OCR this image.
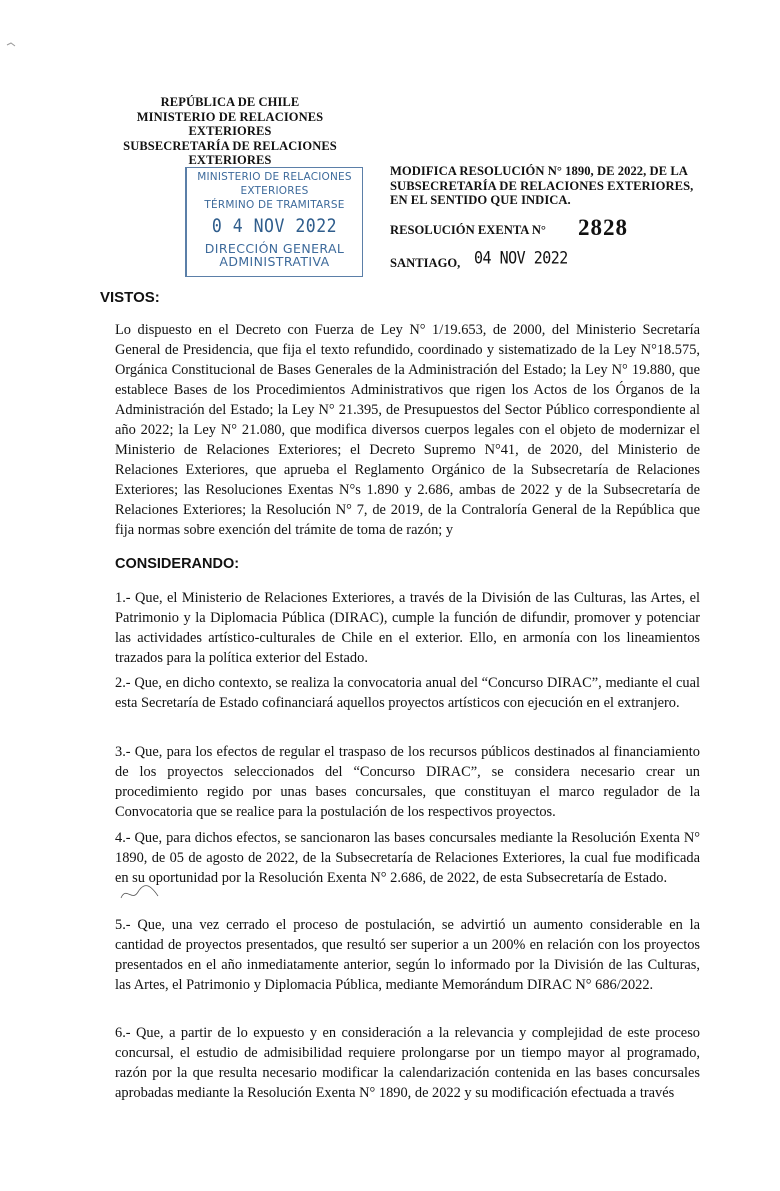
REPÚBLICA DE CHILE
MINISTERIO DE RELACIONES EXTERIORES
SUBSECRETARÍA DE RELACIONES EXTERIORES
MINISTERIO DE RELACIONES
EXTERIORES
TÉRMINO DE TRAMITARSE
0 4 NOV 2022
DIRECCIÓN GENERAL
ADMINISTRATIVA
MODIFICA RESOLUCIÓN N° 1890, DE 2022, DE LA SUBSECRETARÍA DE RELACIONES EXTERIORES, EN EL SENTIDO QUE INDICA.
RESOLUCIÓN EXENTA N° 2828
SANTIAGO, 04 NOV 2022
VISTOS:
Lo dispuesto en el Decreto con Fuerza de Ley N° 1/19.653, de 2000, del Ministerio Secretaría General de Presidencia, que fija el texto refundido, coordinado y sistematizado de la Ley N°18.575, Orgánica Constitucional de Bases Generales de la Administración del Estado; la Ley N° 19.880, que establece Bases de los Procedimientos Administrativos que rigen los Actos de los Órganos de la Administración del Estado; la Ley N° 21.395, de Presupuestos del Sector Público correspondiente al año 2022; la Ley N° 21.080, que modifica diversos cuerpos legales con el objeto de modernizar el Ministerio de Relaciones Exteriores; el Decreto Supremo N°41, de 2020, del Ministerio de Relaciones Exteriores, que aprueba el Reglamento Orgánico de la Subsecretaría de Relaciones Exteriores; las Resoluciones Exentas N°s 1.890 y 2.686, ambas de 2022 y de la Subsecretaría de Relaciones Exteriores; la Resolución N° 7, de 2019, de la Contraloría General de la República que fija normas sobre exención del trámite de toma de razón; y
CONSIDERANDO:
1.- Que, el Ministerio de Relaciones Exteriores, a través de la División de las Culturas, las Artes, el Patrimonio y la Diplomacia Pública (DIRAC), cumple la función de difundir, promover y potenciar las actividades artístico-culturales de Chile en el exterior. Ello, en armonía con los lineamientos trazados para la política exterior del Estado.
2.- Que, en dicho contexto, se realiza la convocatoria anual del “Concurso DIRAC”, mediante el cual esta Secretaría de Estado cofinanciará aquellos proyectos artísticos con ejecución en el extranjero.
3.- Que, para los efectos de regular el traspaso de los recursos públicos destinados al financiamiento de los proyectos seleccionados del “Concurso DIRAC”, se considera necesario crear un procedimiento regido por unas bases concursales, que constituyan el marco regulador de la Convocatoria que se realice para la postulación de los respectivos proyectos.
4.- Que, para dichos efectos, se sancionaron las bases concursales mediante la Resolución Exenta N° 1890, de 05 de agosto de 2022, de la Subsecretaría de Relaciones Exteriores, la cual fue modificada en su oportunidad por la Resolución Exenta N° 2.686, de 2022, de esta Subsecretaría de Estado.
5.- Que, una vez cerrado el proceso de postulación, se advirtió un aumento considerable en la cantidad de proyectos presentados, que resultó ser superior a un 200% en relación con los proyectos presentados en el año inmediatamente anterior, según lo informado por la División de las Culturas, las Artes, el Patrimonio y Diplomacia Pública, mediante Memorándum DIRAC N° 686/2022.
6.- Que, a partir de lo expuesto y en consideración a la relevancia y complejidad de este proceso concursal, el estudio de admisibilidad requiere prolongarse por un tiempo mayor al programado, razón por la que resulta necesario modificar la calendarización contenida en las bases concursales aprobadas mediante la Resolución Exenta N° 1890, de 2022 y su modificación efectuada a través
